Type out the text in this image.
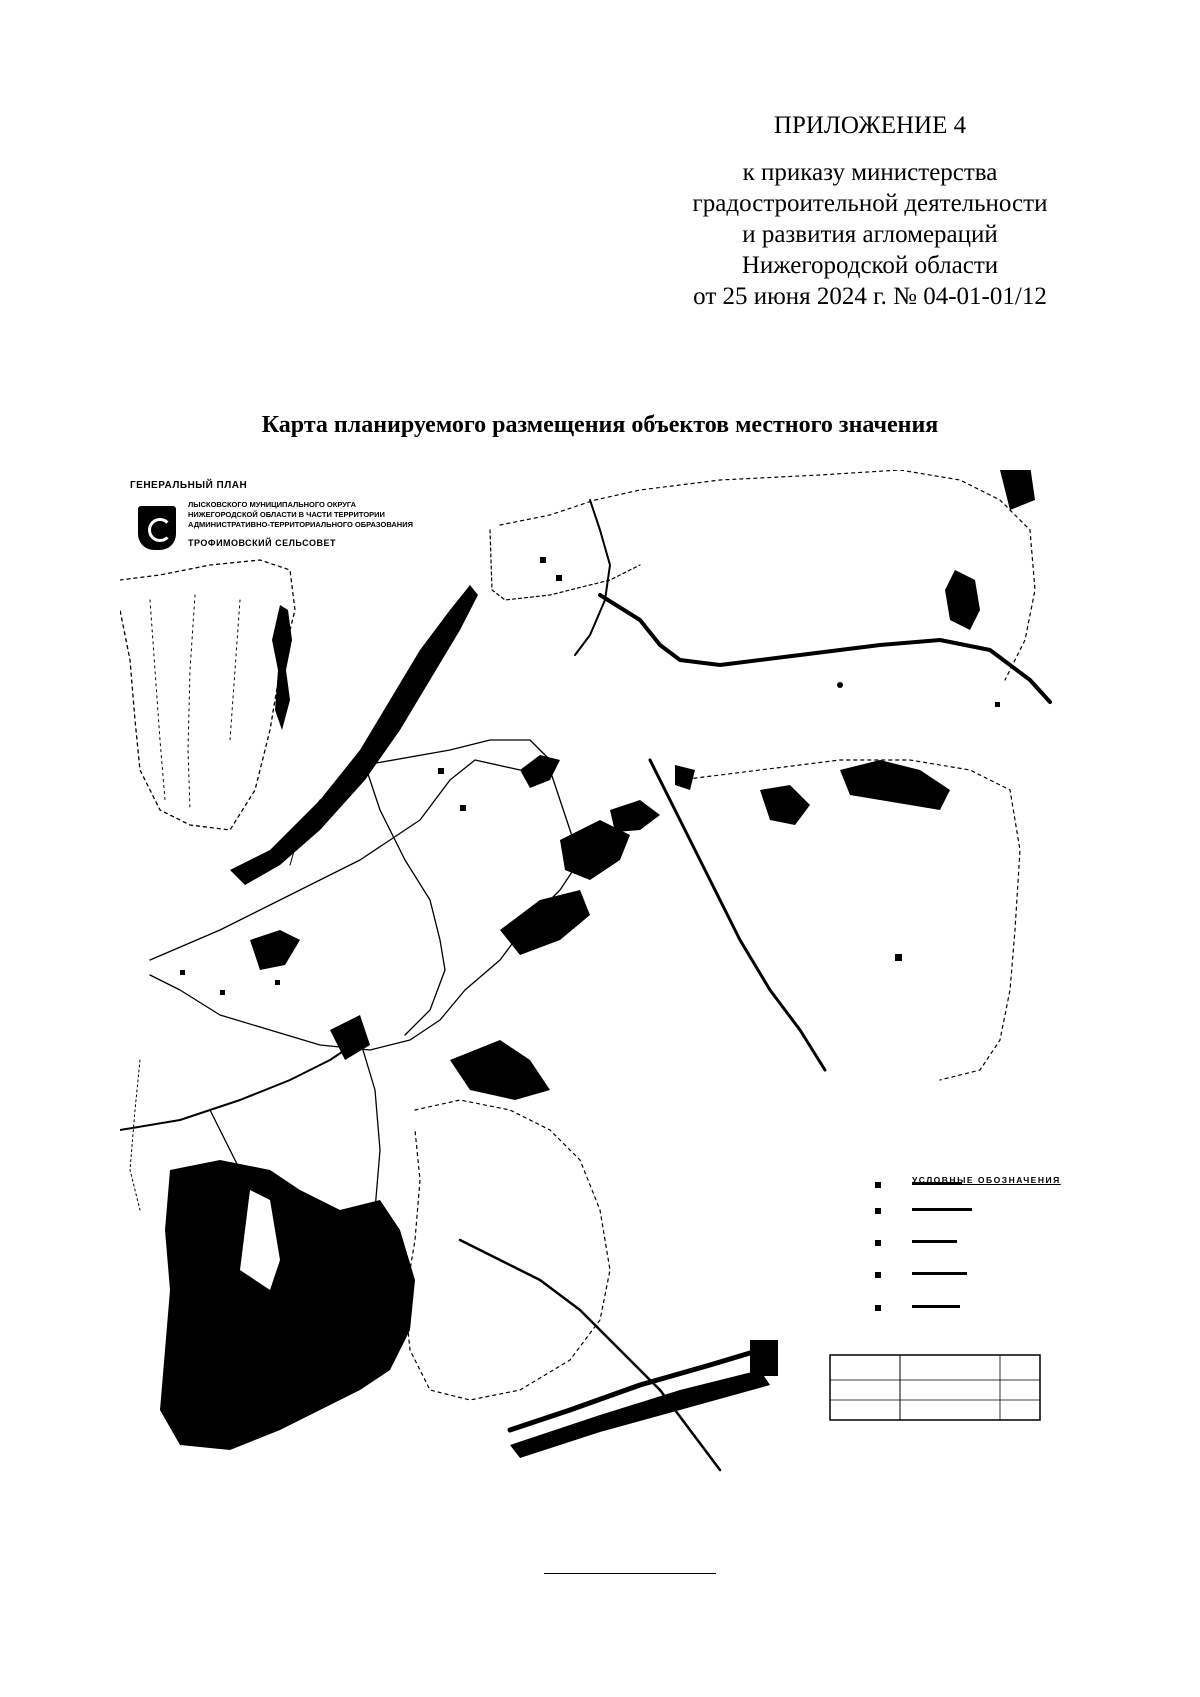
ПРИЛОЖЕНИЕ 4
к приказу министерства
градостроительной деятельности
и развития агломераций
Нижегородской области
от 25 июня 2024 г. № 04-01-01/12
Карта планируемого размещения объектов местного значения
ГЕНЕРАЛЬНЫЙ ПЛАН
ЛЫСКОВСКОГО МУНИЦИПАЛЬНОГО ОКРУГА
НИЖЕГОРОДСКОЙ ОБЛАСТИ В ЧАСТИ ТЕРРИТОРИИ
АДМИНИСТРАТИВНО-ТЕРРИТОРИАЛЬНОГО ОБРАЗОВАНИЯ
ТРОФИМОВСКИЙ СЕЛЬСОВЕТ
УСЛОВНЫЕ ОБОЗНАЧЕНИЯ
